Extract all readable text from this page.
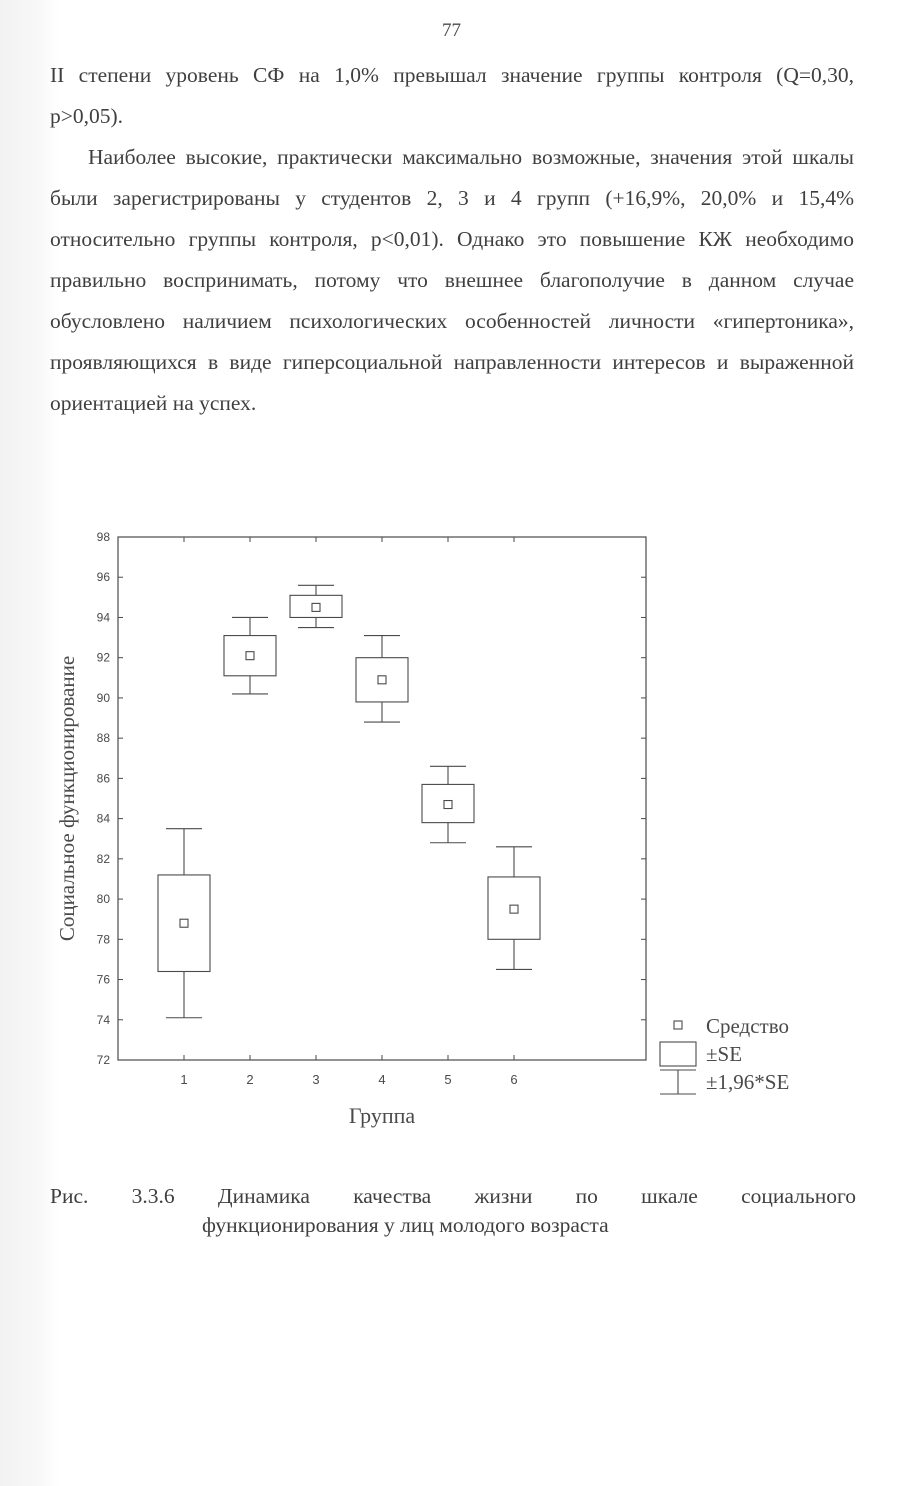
77

II степени уровень СФ на 1,0% превышал значение группы контроля (Q=0,30,

р>0,05).

Наиболее высокие, практически максимально возможные, значения этой шкалы были зарегистрированы у студентов 2, 3 и 4 групп (+16,9%, 20,0% и 15,4% относительно группы контроля, р<0,01). Однако это повышение КЖ необходимо правильно воспринимать, потому что внешнее благополучие в данном случае обусловлено наличием психологических особенностей личности «гипертоника», проявляющихся в виде гиперсоциальной направленности интересов и выраженной ориентацией на успех.

72
74
76
78
80
82
84
86
88
90
92
94
96
98
1	2	3	4	5	6
Группа
Социальное функционирование
Средство
±SE
±1,96*SE
Рис. 3.3.6 Динамика качества жизни по шкале социального
функционирования у лиц молодого возраста
